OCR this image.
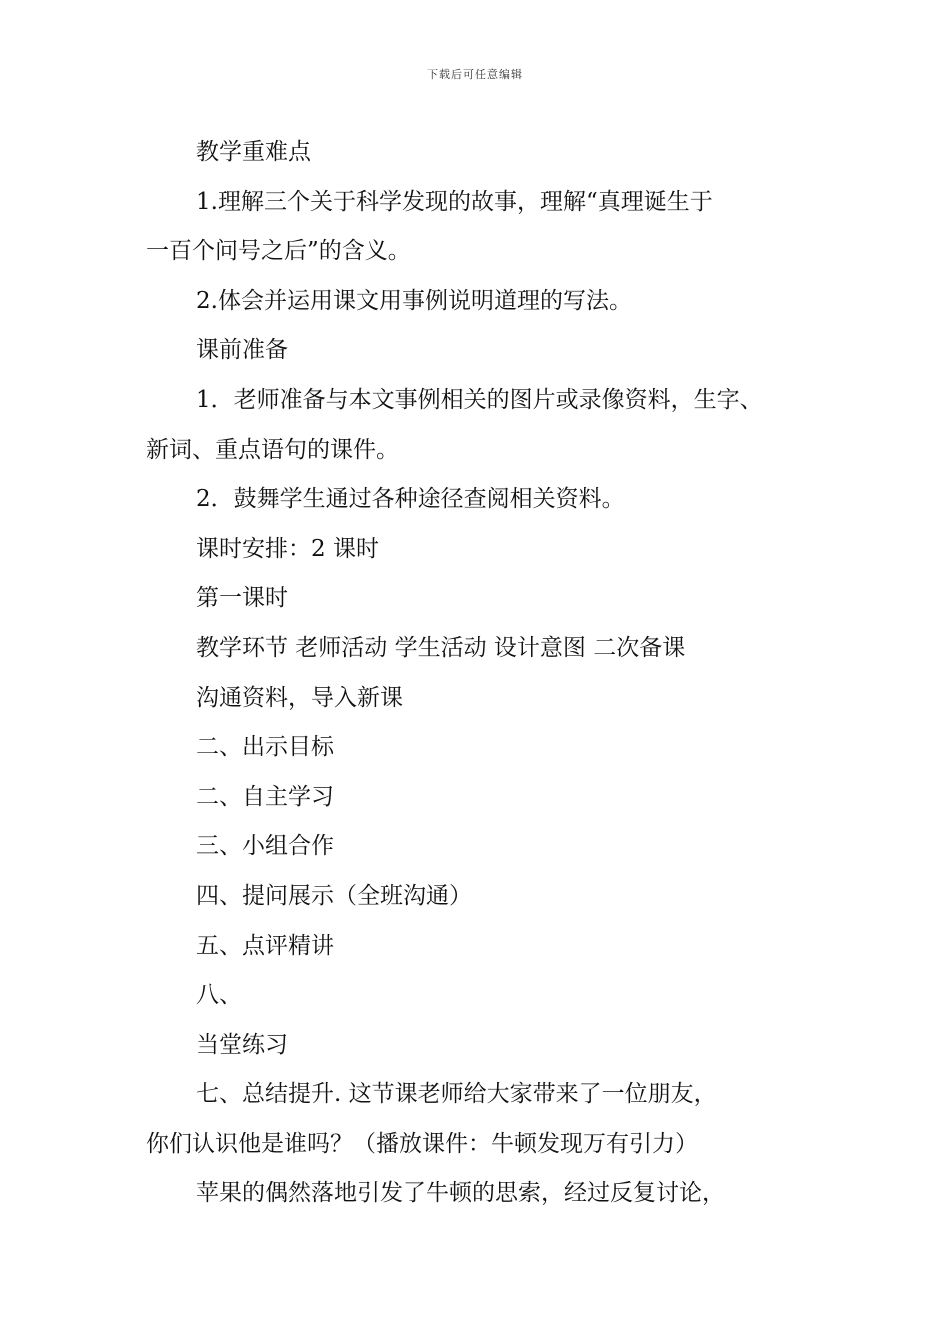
下载后可任意编辑
教学重难点
1.理解三个关于科学发现的故事，理解“真理诞生于
一百个问号之后”的含义。
2.体会并运用课文用事例说明道理的写法。
课前准备
1．老师准备与本文事例相关的图片或录像资料，生字、
新词、重点语句的课件。
2．鼓舞学生通过各种途径查阅相关资料。
课时安排：2 课时
第一课时
教学环节 老师活动 学生活动 设计意图 二次备课
沟通资料，导入新课
二、出示目标
二、自主学习
三、小组合作
四、提问展示（全班沟通）
五、点评精讲
八、
当堂练习
七、总结提升. 这节课老师给大家带来了一位朋友，
你们认识他是谁吗？（播放课件：牛顿发现万有引力）
苹果的偶然落地引发了牛顿的思索，经过反复讨论，
